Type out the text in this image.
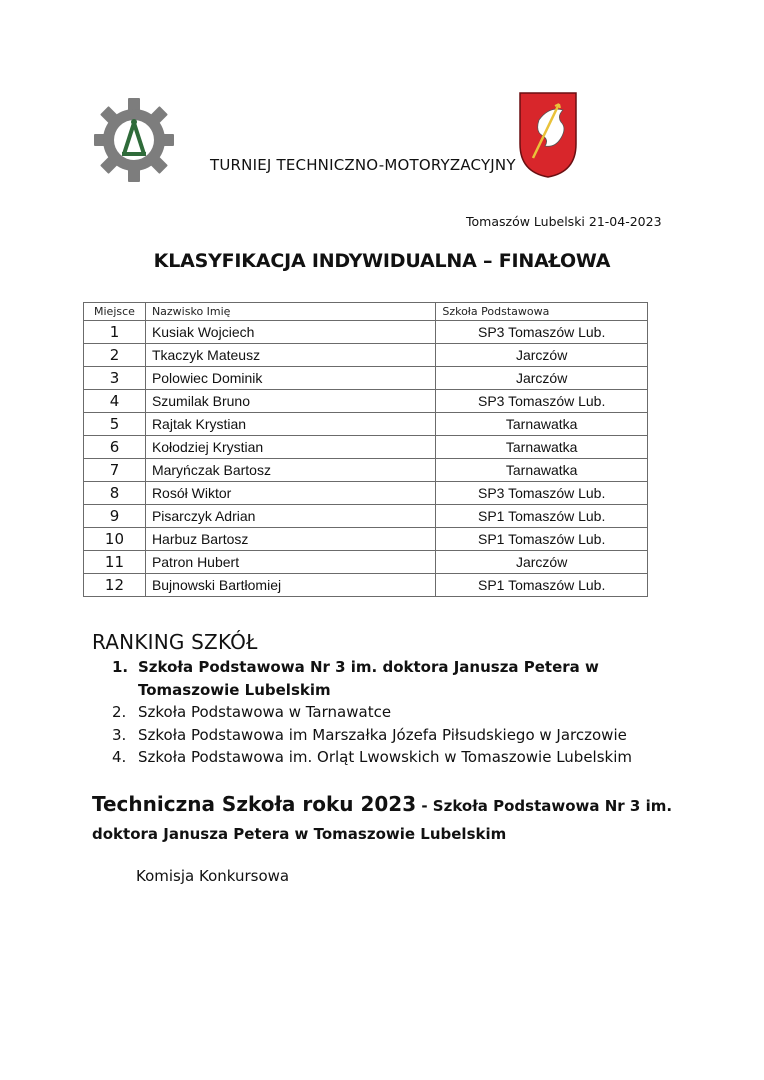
TURNIEJ TECHNICZNO-MOTORYZACYJNY
Tomaszów Lubelski 21-04-2023
KLASYFIKACJA INDYWIDUALNA – FINAŁOWA
Miejsce	Nazwisko Imię	Szkoła Podstawowa
1	Kusiak Wojciech	SP3 Tomaszów Lub.
2	Tkaczyk Mateusz	Jarczów
3	Polowiec Dominik	Jarczów
4	Szumilak Bruno	SP3 Tomaszów Lub.
5	Rajtak Krystian	Tarnawatka
6	Kołodziej Krystian	Tarnawatka
7	Maryńczak Bartosz	Tarnawatka
8	Rosół Wiktor	SP3 Tomaszów Lub.
9	Pisarczyk Adrian	SP1 Tomaszów Lub.
10	Harbuz Bartosz	SP1 Tomaszów Lub.
11	Patron Hubert	Jarczów
12	Bujnowski Bartłomiej	SP1 Tomaszów Lub.
RANKING SZKÓŁ
1. Szkoła Podstawowa Nr 3 im. doktora Janusza Petera w Tomaszowie Lubelskim
2. Szkoła Podstawowa w Tarnawatce
3. Szkoła Podstawowa im Marszałka Józefa Piłsudskiego w Jarczowie
4. Szkoła Podstawowa im. Orląt Lwowskich w Tomaszowie Lubelskim
Techniczna Szkoła roku 2023 - Szkoła Podstawowa Nr 3 im. doktora Janusza Petera w Tomaszowie Lubelskim
Komisja Konkursowa
